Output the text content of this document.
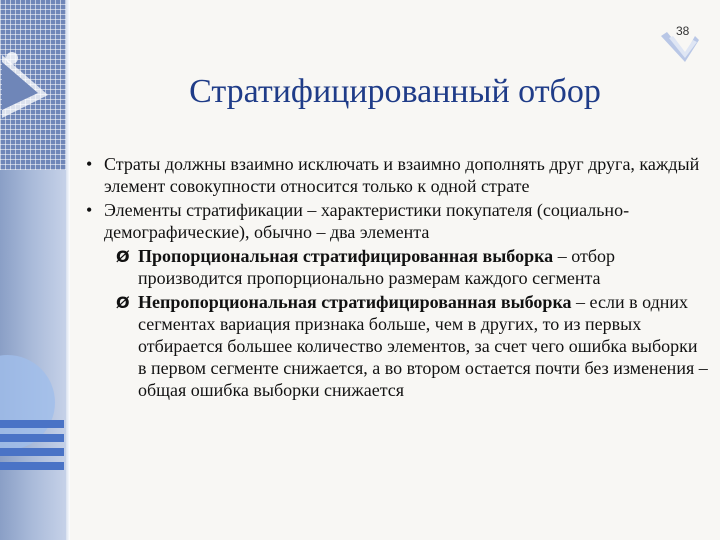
38
Стратифицированный отбор
• Страты должны взаимно исключать и взаимно дополнять друг друга, каждый элемент совокупности относится только к одной страте
• Элементы стратификации – характеристики покупателя (социально-демографические), обычно – два элемента
Ø Пропорциональная стратифицированная выборка – отбор производится пропорционально размерам каждого сегмента
Ø Непропорциональная стратифицированная выборка – если в одних сегментах вариация признака больше, чем в других, то из первых отбирается большее количество элементов, за счет чего ошибка выборки в первом сегменте снижается, а во втором остается почти без изменения – общая ошибка выборки снижается
